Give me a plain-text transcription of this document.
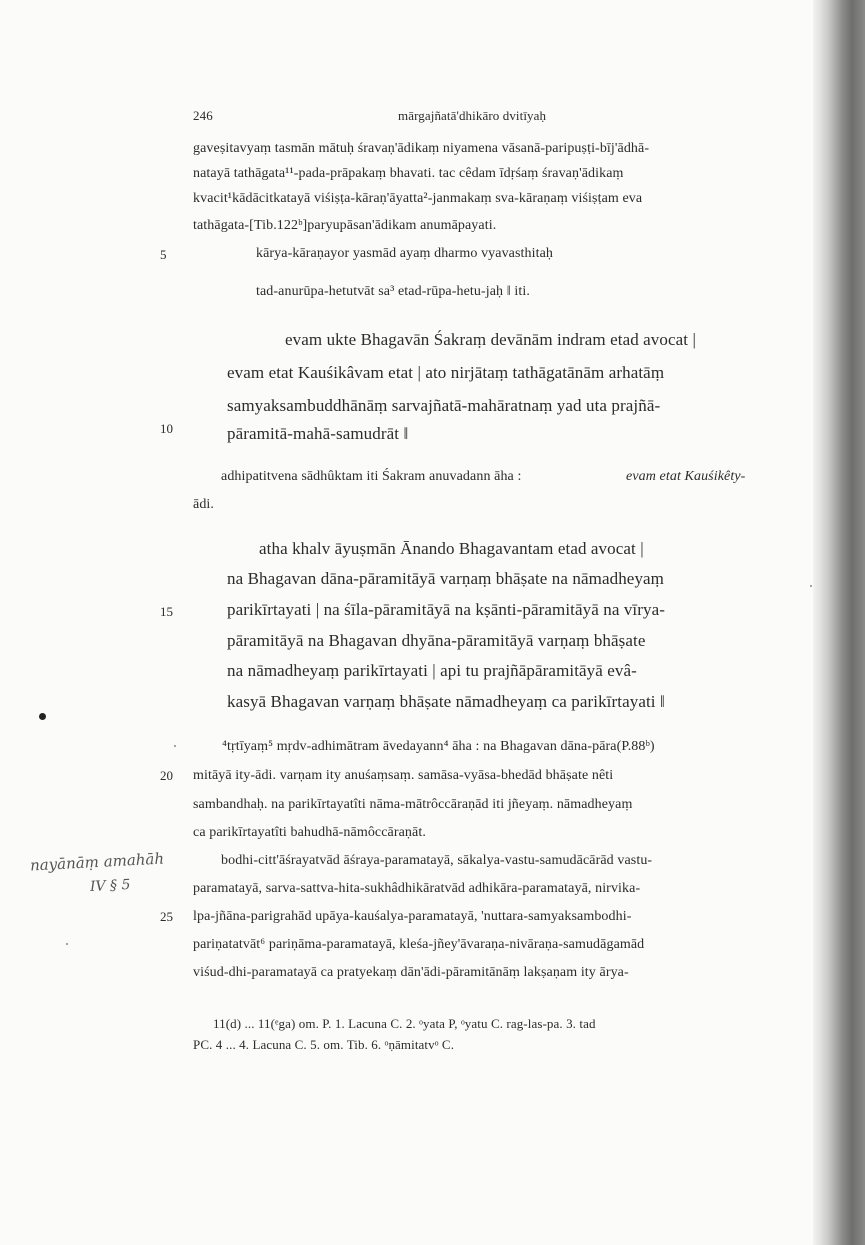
246	mārgajñatā'dhikāro dvitīyaḥ
gaveṣitavyaṃ tasmān mātuḥ śravaṇ'ādikaṃ niyamena vāsanā-paripuṣṭi-bīj'ādhā-
natayā tathāgata¹¹-pada-prāpakaṃ bhavati. tac cêdam īdṛśaṃ śravaṇ'ādikaṃ
kvacit¹kādācitkatayā viśiṣṭa-kāraṇ'āyatta²-janmakaṃ sva-kāraṇaṃ viśiṣṭam eva
tathāgata-[Tib.122ᵇ]paryupāsan'ādikam anumāpayati.
5	kārya-kāraṇayor yasmād ayaṃ dharmo vyavasthitaḥ
tad-anurūpa-hetutvāt sa³ etad-rūpa-hetu-jaḥ ‖ iti.
evam ukte Bhagavān Śakraṃ devānām indram etad avocat |
evam etat Kauśikâvam etat | ato nirjātaṃ tathāgatānām arhatāṃ
samyaksambuddhānāṃ sarvajñatā-mahāratnaṃ yad uta prajñā-
10	pāramitā-mahā-samudrāt ‖
adhipatitvena sādhûktam iti Śakram anuvadann āha :	evam etat Kauśikêty-
ādi.
atha khalv āyuṣmān Ānando Bhagavantam etad avocat |
na Bhagavan dāna-pāramitāyā varṇaṃ bhāṣate na nāmadheyaṃ
15	parikīrtayati | na śīla-pāramitāyā na kṣānti-pāramitāyā na vīrya-
pāramitāyā na Bhagavan dhyāna-pāramitāyā varṇaṃ bhāṣate
na nāmadheyaṃ parikīrtayati | api tu prajñāpāramitāyā evâ-
kasyā Bhagavan varṇaṃ bhāṣate nāmadheyaṃ ca parikīrtayati ‖
⁴tṛtīyaṃ⁵ mṛdv-adhimātram āvedayann⁴ āha : na Bhagavan dāna-pāra(P.88ᵇ)
20 mitāyā ity-ādi. varṇam ity anuśaṃsaṃ. samāsa-vyāsa-bhedād bhāṣate nêti
sambandhaḥ. na parikīrtayatîti nāma-mātrôccāraṇād iti jñeyaṃ. nāmadheyaṃ
ca parikīrtayatîti bahudhā-nāmôccāraṇāt.
bodhi-citt'āśrayatvād āśraya-paramatayā, sākalya-vastu-samudācārād vastu-
paramatayā, sarva-sattva-hita-sukhâdhikāratvād adhikāra-paramatayā, nirvika-
25 lpa-jñāna-parigrahād upāya-kauśalya-paramatayā, 'nuttara-samyaksambodhi-
pariṇatatvāt⁶ pariṇāma-paramatayā, kleśa-jñey'āvaraṇa-nivāraṇa-samudāgamād
viśud-dhi-paramatayā ca pratyekaṃ dān'ādi-pāramitānāṃ lakṣaṇam ity ārya-
nayānāṃ amahāh
IV § 5
11(d) ... 11(ᵉga) om. P. 1. Lacuna C. 2. ᵒyata P, ᵒyatu C. rag-las-pa. 3. tad
PC. 4 ... 4. Lacuna C. 5. om. Tib. 6. ᵒṇāmitatvᵒ C.
